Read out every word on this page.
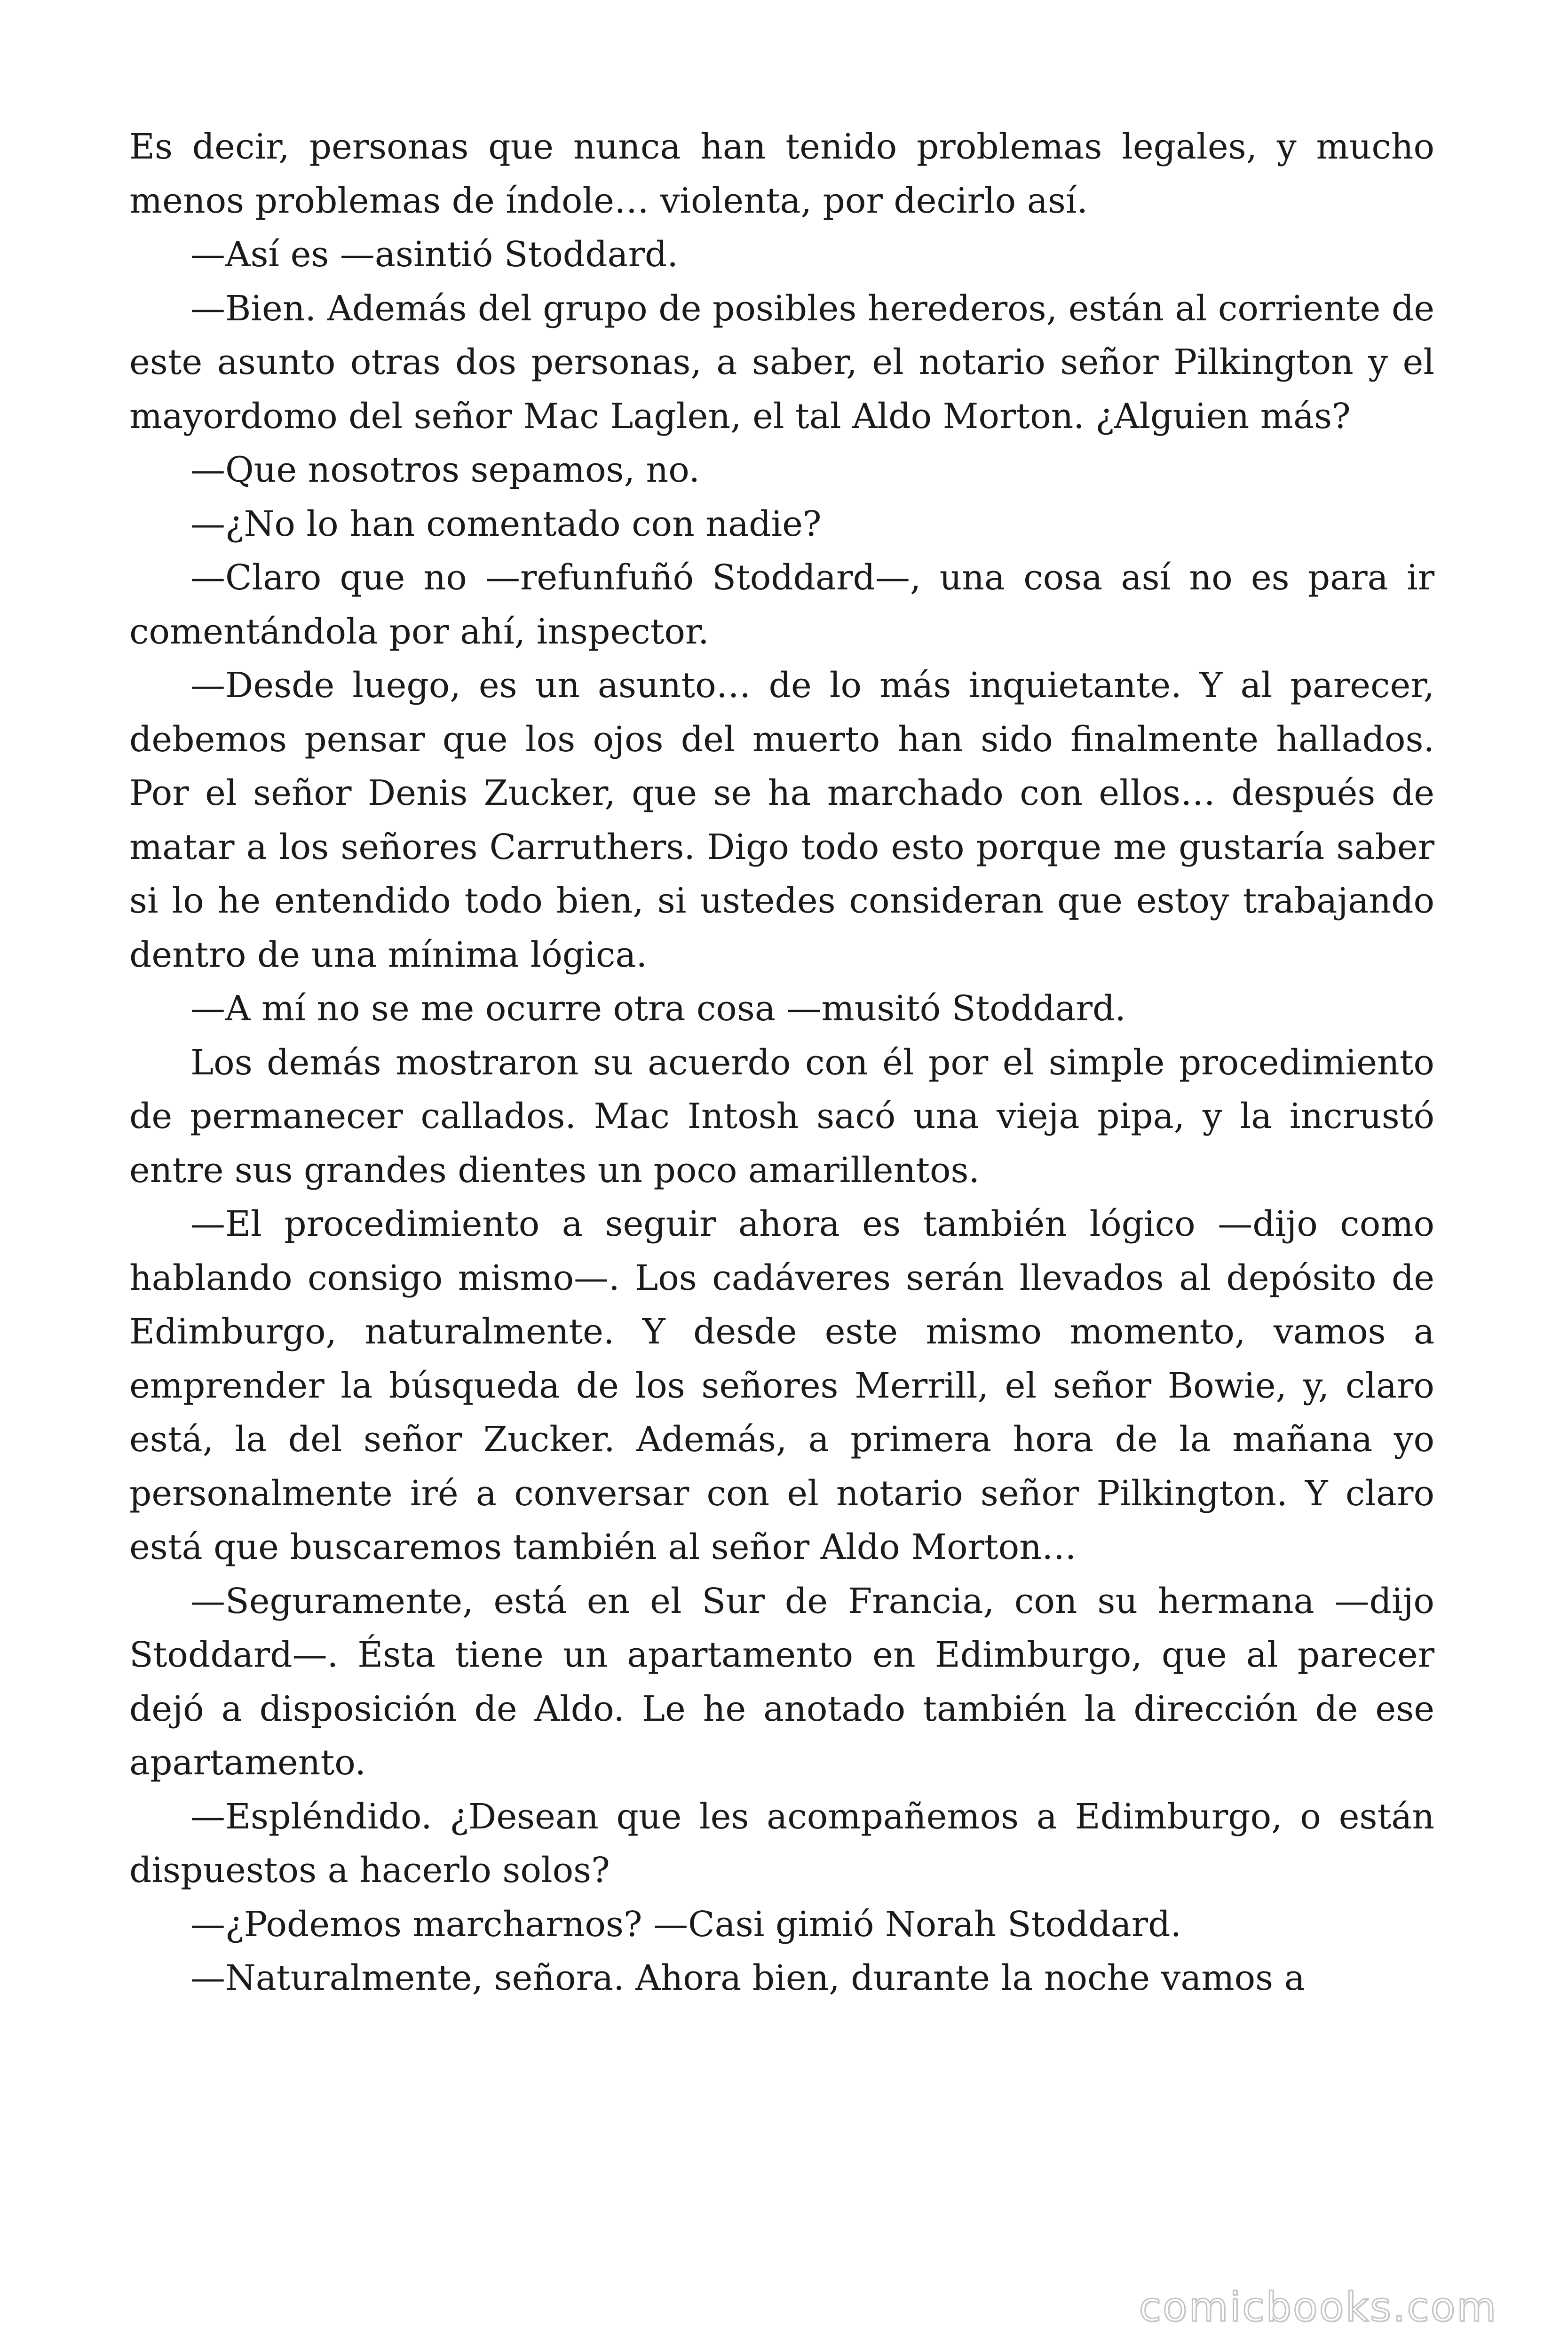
Es decir, personas que nunca han tenido problemas legales, y mucho menos problemas de índole… violenta, por decirlo así.

—Así es —asintió Stoddard.

—Bien. Además del grupo de posibles herederos, están al corriente de este asunto otras dos personas, a saber, el notario señor Pilkington y el mayordomo del señor Mac Laglen, el tal Aldo Morton. ¿Alguien más?

—Que nosotros sepamos, no.

—¿No lo han comentado con nadie?

—Claro que no —refunfuñó Stoddard—, una cosa así no es para ir comentándola por ahí, inspector.

—Desde luego, es un asunto… de lo más inquietante. Y al parecer, debemos pensar que los ojos del muerto han sido finalmente hallados. Por el señor Denis Zucker, que se ha marchado con ellos… después de matar a los señores Carruthers. Digo todo esto porque me gustaría saber si lo he entendido todo bien, si ustedes consideran que estoy trabajando dentro de una mínima lógica.

—A mí no se me ocurre otra cosa —musitó Stoddard.

Los demás mostraron su acuerdo con él por el simple procedimiento de permanecer callados. Mac Intosh sacó una vieja pipa, y la incrustó entre sus grandes dientes un poco amarillentos.

—El procedimiento a seguir ahora es también lógico —dijo como hablando consigo mismo—. Los cadáveres serán llevados al depósito de Edimburgo, naturalmente. Y desde este mismo momento, vamos a emprender la búsqueda de los señores Merrill, el señor Bowie, y, claro está, la del señor Zucker. Además, a primera hora de la mañana yo personalmente iré a conversar con el notario señor Pilkington. Y claro está que buscaremos también al señor Aldo Morton…

—Seguramente, está en el Sur de Francia, con su hermana —dijo Stoddard—. Ésta tiene un apartamento en Edimburgo, que al parecer dejó a disposición de Aldo. Le he anotado también la dirección de ese apartamento.

—Espléndido. ¿Desean que les acompañemos a Edimburgo, o están dispuestos a hacerlo solos?

—¿Podemos marcharnos? —Casi gimió Norah Stoddard.

—Naturalmente, señora. Ahora bien, durante la noche vamos a

comicbooks.com
